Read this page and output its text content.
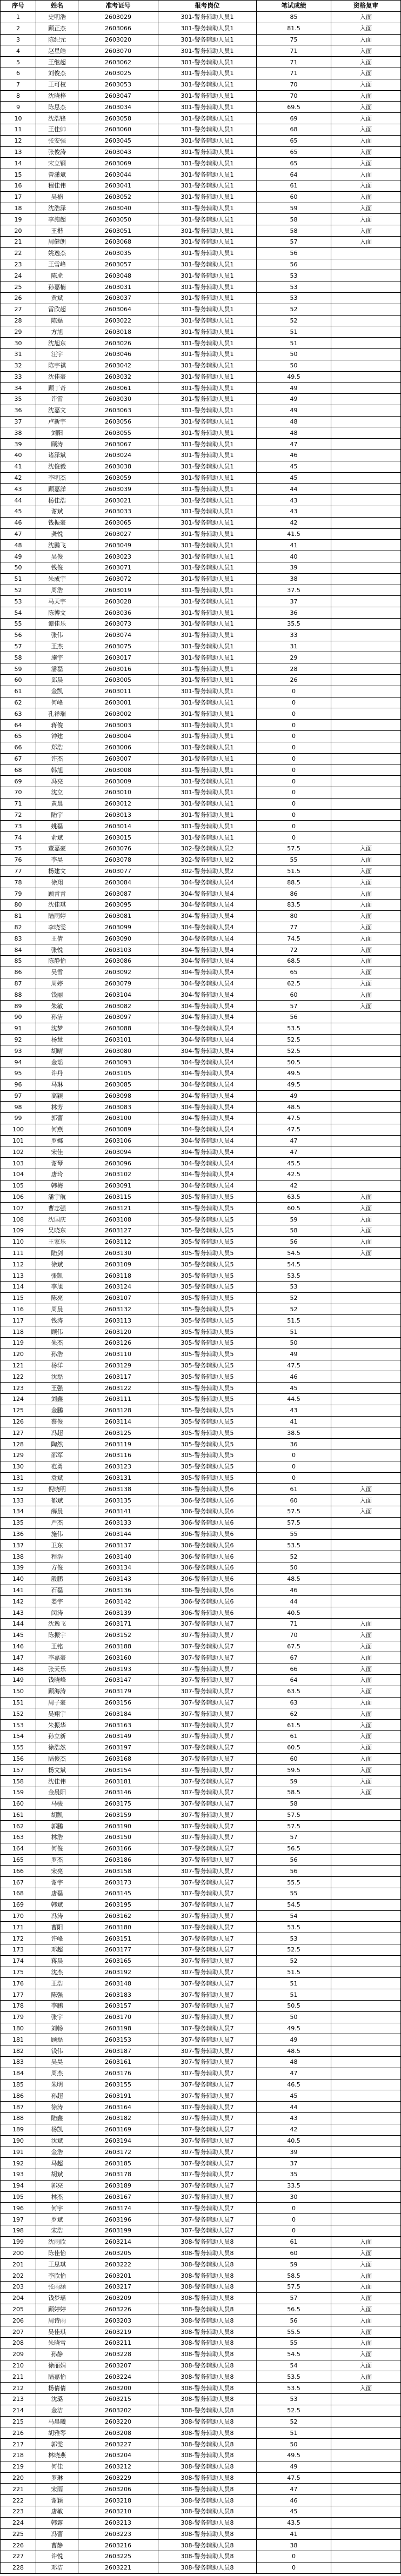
序号	姓名	准考证号	报考岗位	笔试成绩	资格复审
1	史明浩	2603029	301-警务辅助人员1	85	入面
2	顾正杰	2603066	301-警务辅助人员1	81.5	入面
3	陈纪元	2603020	301-警务辅助人员1	75	入面
4	赵星皓	2603070	301-警务辅助人员1	71	入面
5	王继超	2603062	301-警务辅助人员1	71	入面
6	刘俊杰	2603025	301-警务辅助人员1	71	入面
7	王可权	2603053	301-警务辅助人员1	70	入面
8	沈晓梓	2603047	301-警务辅助人员1	70	入面
9	陈思杰	2603034	301-警务辅助人员1	69.5	入面
10	沈浩锋	2603058	301-警务辅助人员1	69	入面
11	王佳帅	2603060	301-警务辅助人员1	68	入面
12	张安强	2603045	301-警务辅助人员1	65	入面
13	张俊涛	2603043	301-警务辅助人员1	65	入面
14	宋立钢	2603069	301-警务辅助人员1	65	入面
15	曾潇斌	2603044	301-警务辅助人员1	64	入面
16	程佳伟	2603041	301-警务辅助人员1	61	入面
17	吴楠	2603052	301-警务辅助人员1	60	入面
18	沈浩泽	2603040	301-警务辅助人员1	59	入面
19	李施超	2603050	301-警务辅助人员1	58	入面
20	王楷	2603051	301-警务辅助人员1	58	入面
21	周健朗	2603068	301-警务辅助人员1	57	入面
22	姚逸杰	2603035	301-警务辅助人员1	56
23	王雪峰	2603057	301-警务辅助人员1	56
24	陈虎	2603048	301-警务辅助人员1	53
25	孙嘉楠	2603031	301-警务辅助人员1	53
26	黄斌	2603037	301-警务辅助人员1	53
27	雷欣超	2603064	301-警务辅助人员1	52
28	陈磊	2603022	301-警务辅助人员1	52
29	方旭	2603018	301-警务辅助人员1	51
30	沈旭东	2603026	301-警务辅助人员1	51
31	汪宇	2603046	301-警务辅助人员1	50
32	陈宇祺	2603042	301-警务辅助人员1	50
33	沈佳豪	2603032	301-警务辅助人员1	49.5
34	顾丁奇	2603061	301-警务辅助人员1	49
35	许雷	2603030	301-警务辅助人员1	49
36	沈嘉文	2603063	301-警务辅助人员1	49
37	卢新宇	2603056	301-警务辅助人员1	48
38	刘阳	2603055	301-警务辅助人员1	48
39	顾涛	2603067	301-警务辅助人员1	47
40	诸泽斌	2603024	301-警务辅助人员1	46
41	沈俊毅	2603038	301-警务辅助人员1	45
42	李明杰	2603059	301-警务辅助人员1	45
43	顾嘉洋	2603039	301-警务辅助人员1	44
44	杨佳浩	2603021	301-警务辅助人员1	43
45	谢斌	2603033	301-警务辅助人员1	43
46	钱振豪	2603065	301-警务辅助人员1	42
47	龚悦	2603027	301-警务辅助人员1	41.5
48	沈鹏飞	2603049	301-警务辅助人员1	41
49	吴俊	2603023	301-警务辅助人员1	40
50	钱俊	2603071	301-警务辅助人员1	39
51	朱成宇	2603072	301-警务辅助人员1	38
52	周浩	2603019	301-警务辅助人员1	37.5
53	马天宇	2603028	301-警务辅助人员1	37
54	陈博文	2603036	301-警务辅助人员1	36
55	谭佳乐	2603073	301-警务辅助人员1	35.5
56	张伟	2603074	301-警务辅助人员1	33
57	王杰	2603075	301-警务辅助人员1	31
58	施宇	2603017	301-警务辅助人员1	29
59	潘磊	2603016	301-警务辅助人员1	28
60	邱晨	2603005	301-警务辅助人员1	26
61	金凯	2603011	301-警务辅助人员1	0
62	何峰	2603001	301-警务辅助人员1	0
63	孔祥瑞	2603002	301-警务辅助人员1	0
64	蒋俊	2603003	301-警务辅助人员1	0
65	钟建	2603004	301-警务辅助人员1	0
66	郑浩	2603006	301-警务辅助人员1	0
67	许杰	2603007	301-警务辅助人员1	0
68	韩旭	2603008	301-警务辅助人员1	0
69	冯亮	2603009	301-警务辅助人员1	0
70	沈立	2603010	301-警务辅助人员1	0
71	黄晨	2603012	301-警务辅助人员1	0
72	陆宇	2603013	301-警务辅助人员1	0
73	姚磊	2603014	301-警务辅助人员1	0
74	俞斌	2603015	301-警务辅助人员1	0
75	董嘉豪	2603076	302-警务辅助人员2	57.5	入面
76	李昊	2603078	302-警务辅助人员2	55	入面
77	杨建文	2603077	302-警务辅助人员2	51.5	入面
78	徐翔	2603084	304-警务辅助人员4	88.5	入面
79	顾青青	2603087	304-警务辅助人员4	86	入面
80	沈佳琪	2603095	304-警务辅助人员4	83.5	入面
81	陆雨婷	2603081	304-警务辅助人员4	80	入面
82	李晓雯	2603099	304-警务辅助人员4	77	入面
83	王倩	2603090	304-警务辅助人员4	74.5	入面
84	张悦	2603103	304-警务辅助人员4	72	入面
85	陈静怡	2603086	304-警务辅助人员4	68.5	入面
86	吴雪	2603092	304-警务辅助人员4	65	入面
87	周婷	2603079	304-警务辅助人员4	62.5	入面
88	钱丽	2603104	304-警务辅助人员4	60	入面
89	朱敏	2603082	304-警务辅助人员4	57	入面
90	孙洁	2603097	304-警务辅助人员4	56
91	沈梦	2603088	304-警务辅助人员4	53.5
92	杨慧	2603101	304-警务辅助人员4	52.5
93	胡晴	2603080	304-警务辅助人员4	52.5
94	金瑶	2603093	304-警务辅助人员4	50.5
95	许丹	2603105	304-警务辅助人员4	49.5
96	马琳	2603085	304-警务辅助人员4	49.5
97	高颖	2603098	304-警务辅助人员4	49
98	林芳	2603083	304-警务辅助人员4	48.5
99	郭蕾	2603100	304-警务辅助人员4	47.5
100	何燕	2603089	304-警务辅助人员4	47.5
101	罗娜	2603106	304-警务辅助人员4	47
102	宋佳	2603094	304-警务辅助人员4	47
103	谢琴	2603096	304-警务辅助人员4	45.5
104	唐玲	2603102	304-警务辅助人员4	42.5
105	韩梅	2603091	304-警务辅助人员4	42
106	潘宇航	2603115	305-警务辅助人员5	63.5	入面
107	曹志强	2603121	305-警务辅助人员5	60.5	入面
108	沈国庆	2603108	305-警务辅助人员5	59	入面
109	吴晓东	2603127	305-警务辅助人员5	58	入面
110	王家乐	2603112	305-警务辅助人员5	56	入面
111	陆剑	2603130	305-警务辅助人员5	54.5	入面
112	徐斌	2603109	305-警务辅助人员5	54.5
113	张凯	2603118	305-警务辅助人员5	53.5
114	李旭	2603124	305-警务辅助人员5	53
115	陈亮	2603107	305-警务辅助人员5	52
116	周晨	2603132	305-警务辅助人员5	52
117	钱涛	2603113	305-警务辅助人员5	51.5
118	顾伟	2603120	305-警务辅助人员5	51
119	朱杰	2603126	305-警务辅助人员5	50
120	孙浩	2603110	305-警务辅助人员5	49
121	杨洋	2603129	305-警务辅助人员5	47.5
122	沈磊	2603117	305-警务辅助人员5	46
123	王强	2603122	305-警务辅助人员5	45
124	刘鑫	2603111	305-警务辅助人员5	44.5
125	金鹏	2603128	305-警务辅助人员5	43
126	蔡俊	2603114	305-警务辅助人员5	41
127	冯超	2603125	305-警务辅助人员5	38.5
128	陶然	2603119	305-警务辅助人员5	36
129	邵军	2603116	305-警务辅助人员5	0
130	范勇	2603123	305-警务辅助人员5	0
131	袁斌	2603131	305-警务辅助人员5	0
132	倪晓明	2603138	306-警务辅助人员6	61	入面
133	郁斌	2603135	306-警务辅助人员6	60	入面
134	薛晨	2603141	306-警务辅助人员6	57.5	入面
135	严杰	2603133	306-警务辅助人员6	57.5
136	施伟	2603144	306-警务辅助人员6	55
137	卫东	2603137	306-警务辅助人员6	53.5
138	程浩	2603140	306-警务辅助人员6	52
139	方俊	2603134	306-警务辅助人员6	50
140	殷鹏	2603143	306-警务辅助人员6	48.5
141	石磊	2603136	306-警务辅助人员6	46
142	姜宇	2603142	306-警务辅助人员6	44
143	闵涛	2603139	306-警务辅助人员6	40.5
144	沈逸飞	2603171	307-警务辅助人员7	71	入面
145	陈振宇	2603152	307-警务辅助人员7	70	入面
146	王铭	2603188	307-警务辅助人员7	67.5	入面
147	李嘉豪	2603160	307-警务辅助人员7	67	入面
148	张天乐	2603193	307-警务辅助人员7	66	入面
149	钱晓峰	2603147	307-警务辅助人员7	64	入面
150	顾海涛	2603179	307-警务辅助人员7	63.5	入面
151	周子豪	2603156	307-警务辅助人员7	63	入面
152	吴翔宇	2603184	307-警务辅助人员7	62	入面
153	朱振华	2603163	307-警务辅助人员7	61.5	入面
154	孙立新	2603149	307-警务辅助人员7	61	入面
155	徐浩然	2603197	307-警务辅助人员7	60.5	入面
156	陆俊杰	2603168	307-警务辅助人员7	60	入面
157	杨文斌	2603154	307-警务辅助人员7	59.5	入面
158	沈佳伟	2603181	307-警务辅助人员7	59	入面
159	金晨阳	2603146	307-警务辅助人员7	58.5	入面
160	马骏	2603175	307-警务辅助人员7	58
161	胡凯	2603159	307-警务辅助人员7	57.5
162	郭鹏	2603190	307-警务辅助人员7	57.5
163	林浩	2603150	307-警务辅助人员7	57
164	何俊	2603166	307-警务辅助人员7	56.5
165	罗杰	2603186	307-警务辅助人员7	56
166	宋亮	2603158	307-警务辅助人员7	56
167	谢宇	2603173	307-警务辅助人员7	55.5
168	唐磊	2603145	307-警务辅助人员7	55
169	韩斌	2603195	307-警务辅助人员7	54.5
170	冯涛	2603162	307-警务辅助人员7	54
171	曹阳	2603180	307-警务辅助人员7	53.5
172	许峰	2603151	307-警务辅助人员7	53
173	邓超	2603177	307-警务辅助人员7	52.5
174	蒋晨	2603165	307-警务辅助人员7	52
175	沈杰	2603192	307-警务辅助人员7	51.5
176	王浩	2603148	307-警务辅助人员7	51
177	陈强	2603183	307-警务辅助人员7	51
178	李鹏	2603157	307-警务辅助人员7	50.5
179	张宇	2603170	307-警务辅助人员7	50
180	刘畅	2603198	307-警务辅助人员7	49.5
181	顾磊	2603153	307-警务辅助人员7	49
182	钱伟	2603187	307-警务辅助人员7	48.5
183	吴昊	2603161	307-警务辅助人员7	48
184	周杰	2603176	307-警务辅助人员7	47
185	朱明	2603155	307-警务辅助人员7	46.5
186	孙超	2603191	307-警务辅助人员7	45
187	徐涛	2603164	307-警务辅助人员7	44
188	陆鑫	2603182	307-警务辅助人员7	43
189	杨凯	2603169	307-警务辅助人员7	42
190	沈斌	2603194	307-警务辅助人员7	40.5
191	金浩	2603172	307-警务辅助人员7	39
192	马超	2603185	307-警务辅助人员7	37
193	胡斌	2603178	307-警务辅助人员7	35
194	郭亮	2603189	307-警务辅助人员7	33.5
195	林杰	2603167	307-警务辅助人员7	30
196	何宇	2603174	307-警务辅助人员7	0
197	罗斌	2603196	307-警务辅助人员7	0
198	宋浩	2603199	307-警务辅助人员7	0
199	沈雨欣	2603214	308-警务辅助人员8	61	入面
200	陈佳怡	2603205	308-警务辅助人员8	60	入面
201	王思琪	2603222	308-警务辅助人员8	59	入面
202	李欣怡	2603201	308-警务辅助人员8	58.5	入面
203	张雨涵	2603217	308-警务辅助人员8	57.5	入面
204	钱梦瑶	2603209	308-警务辅助人员8	57	入面
205	顾婷婷	2603226	308-警务辅助人员8	56.5	入面
206	周诗雨	2603203	308-警务辅助人员8	56	入面
207	吴佳琪	2603219	308-警务辅助人员8	55.5	入面
208	朱晓雪	2603211	308-警务辅助人员8	55	入面
209	孙静	2603228	308-警务辅助人员8	54.5	入面
210	徐丽娟	2603207	308-警务辅助人员8	54	入面
211	陆嘉怡	2603224	308-警务辅助人员8	53.5	入面
212	杨倩倩	2603200	308-警务辅助人员8	53.5	入面
213	沈璐	2603215	308-警务辅助人员8	53
214	金洁	2603202	308-警务辅助人员8	52.5
215	马晨曦	2603220	308-警务辅助人员8	52
216	胡雅琴	2603208	308-警务辅助人员8	51
217	郭雯	2603227	308-警务辅助人员8	50
218	林晓燕	2603204	308-警务辅助人员8	49.5
219	何佳	2603212	308-警务辅助人员8	49
220	罗琳	2603229	308-警务辅助人员8	47.5
221	宋雨	2603206	308-警务辅助人员8	47
222	谢颖	2603218	308-警务辅助人员8	46
223	唐敏	2603210	308-警务辅助人员8	45
224	韩露	2603213	308-警务辅助人员8	43.5
225	冯蕾	2603223	308-警务辅助人员8	41
226	曹静	2603216	308-警务辅助人员8	38
227	许悦	2603225	308-警务辅助人员8	0
228	邓洁	2603221	308-警务辅助人员8	0
